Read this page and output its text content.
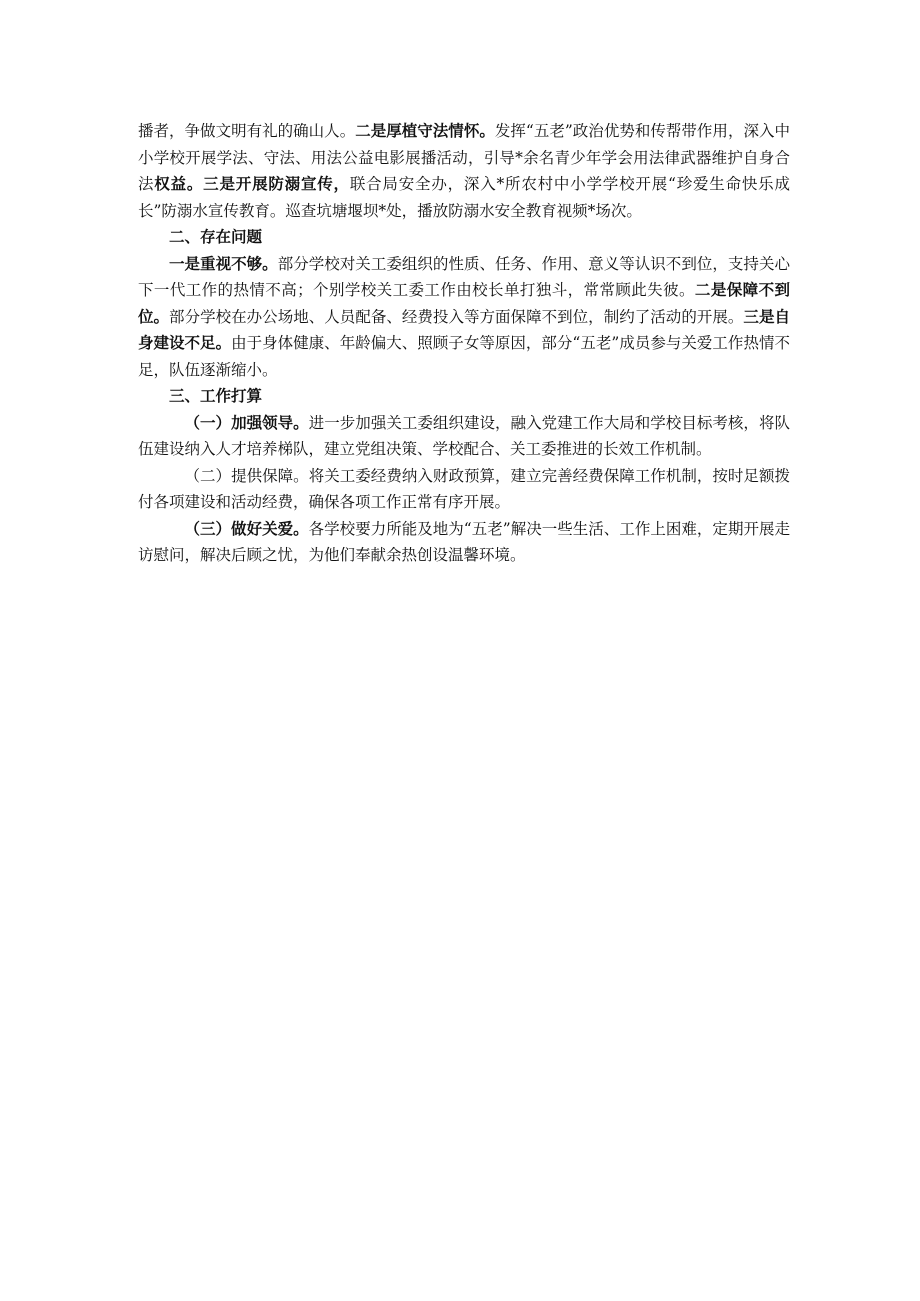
播者，争做文明有礼的确山人。二是厚植守法情怀。发挥“五老”政治优势和传帮带作用，深入中小学校开展学法、守法、用法公益电影展播活动，引导*余名青少年学会用法律武器维护自身合法权益。三是开展防溺宣传，联合局安全办，深入*所农村中小学学校开展“珍爱生命快乐成长”防溺水宣传教育。巡查坑塘堰坝*处，播放防溺水安全教育视频*场次。

二、存在问题

一是重视不够。部分学校对关工委组织的性质、任务、作用、意义等认识不到位，支持关心下一代工作的热情不高；个别学校关工委工作由校长单打独斗，常常顾此失彼。二是保障不到位。部分学校在办公场地、人员配备、经费投入等方面保障不到位，制约了活动的开展。三是自身建设不足。由于身体健康、年龄偏大、照顾子女等原因，部分“五老”成员参与关爱工作热情不足，队伍逐渐缩小。

三、工作打算

（一）加强领导。进一步加强关工委组织建设，融入党建工作大局和学校目标考核，将队伍建设纳入人才培养梯队，建立党组决策、学校配合、关工委推进的长效工作机制。

（二）提供保障。将关工委经费纳入财政预算，建立完善经费保障工作机制，按时足额拨付各项建设和活动经费，确保各项工作正常有序开展。

（三）做好关爱。各学校要力所能及地为“五老”解决一些生活、工作上困难，定期开展走访慰问，解决后顾之忧，为他们奉献余热创设温馨环境。
